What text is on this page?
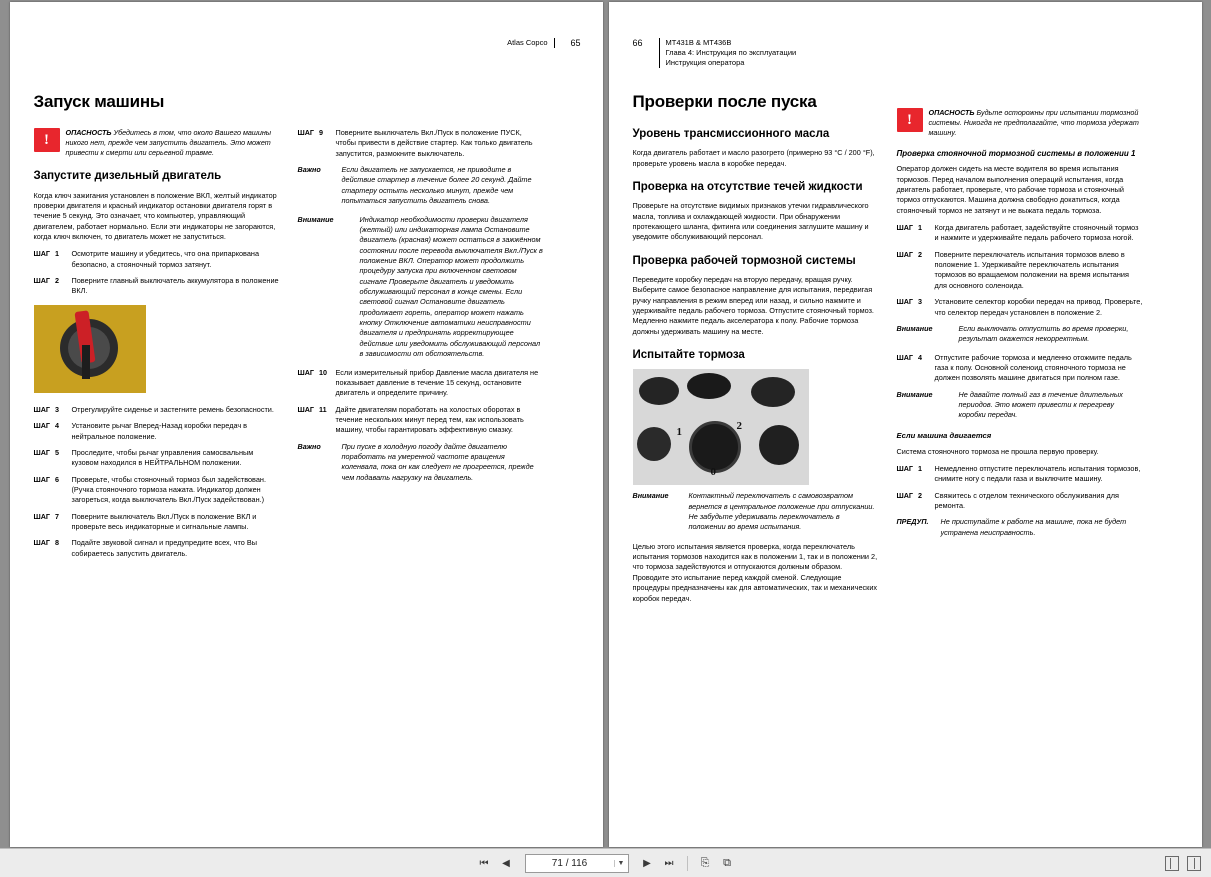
Atlas Copco	65
Запуск машины
!
ОПАСНОСТЬ Убедитесь в том, что около Вашего машины никого нет, прежде чем запустить двигатель. Это может привести к смерти или серьевной травме.
Запустите дизельный двигатель

Когда ключ зажигания установлен в положение ВКЛ, желтый индикатор проверки двигателя и красный индикатор остановки двигателя горят в течение 5 секунд. Это означает, что компьютер, управляющий двигателем, работает нормально. Если эти индикаторы не загораются, когда ключ включен, то двигатель может не запуститься.

ШАГ 1	Осмотрите машину и убедитесь, что она припаркована безопасно, а стояночный тормоз затянут.
ШАГ 2	Поверните главный выключатель аккумулятора в положение ВКЛ.
ШАГ 3	Отрегулируйте сиденье и застегните ремень безопасности.
ШАГ 4	Установите рычаг Вперед-Назад коробки передач в нейтральное положение.
ШАГ 5	Проследите, чтобы рычаг управления самосвальным кузовом находился в НЕЙТРАЛЬНОМ положении.
ШАГ 6	Проверьте, чтобы стояночный тормоз был задействован. (Ручка стояночного тормоза нажата. Индикатор должен загореться, когда выключатель Вкл./Пуск задействован.)
ШАГ 7	Поверните выключатель Вкл./Пуск в положение ВКЛ и проверьте весь индикаторные и сигнальные лампы.
ШАГ 8	Подайте звуковой сигнал и предупредите всех, что Вы собираетесь запустить двигатель.
ШАГ 9	Поверните выключатель Вкл./Пуск в положение ПУСК, чтобы привести в действие стартер. Как только двигатель запустится, размокните выключатель.
Важно	Если двигатель не запускается, не приводите в действие стартер в течение более 20 секунд. Дайте стартеру остыть несколько минут, прежде чем попытаться запустить двигатель снова.
Внимание	Индикатор необходимости проверки двигателя (желтый) или индикаторная лампа Остановите двигатель (красная) может остаться в зажжённом состоянии после перевода выключателя Вкл./Пуск в положение ВКЛ. Оператор может продолжить процедуру запуска при включенном световом сигнале Проверьте двигатель и уведомить обслуживающий персонал в конце смены. Если световой сигнал Остановите двигатель продолжает гореть, оператор может нажать кнопку Отключение автоматики неисправности двигателя и предпринять корректирующее действие или уведомить обслуживающий персонал в зависимости от обстоятельств.
ШАГ 10	Если измерительный прибор Давление масла двигателя не показывает давление в течение 15 секунд, остановите двигатель и определите причину.
ШАГ 11	Дайте двигателям поработать на холостых оборотах в течение нескольких минут перед тем, как использовать машину, чтобы гарантировать эффективную смазку.
Важно	При пуске в холодную погоду дайте двигателю поработать на умеренной частоте вращения коленвала, пока он как следует не прогреется, прежде чем подавать нагрузку на двигатель.
66	MT431B & MT436B
Глава 4: Инструкция по эксплуатации
Инструкция оператора
Проверки после пуска
Уровень трансмиссионного масла

Когда двигатель работает и масло разогрето (примерно 93 °C / 200 °F), проверьте уровень масла в коробке передач.

Проверка на отсутствие течей жидкости

Проверьте на отсутствие видимых признаков утечки гидравлического масла, топлива и охлаждающей жидкости. При обнаружении протекающего шланга, фитинга или соединения заглушите машину и уведомите обслуживающий персонал.

Проверка рабочей тормозной системы

Переведите коробку передач на вторую передачу, вращая ручку. Выберите самое безопасное направление для испытания, передвигая ручку направления в режим вперед или назад, и сильно нажмите и удерживайте педаль рабочего тормоза. Отпустите стояночный тормоз. Медленно нажмите педаль акселератора к полу. Рабочие тормоза должны удерживать машину на месте.

Испытайте тормоза
1	2
0
Внимание	Контактный переключатель с самовозвратом вернется в центральное положение при отпускании. Не забудьте удерживать переключатель в положении во время испытания.

Целью этого испытания является проверка, когда переключатель испытания тормозов находится как в положении 1, так и в положении 2, что тормоза задействуются и отпускаются должным образом. Проводите это испытание перед каждой сменой. Следующие процедуры предназначены как для автоматических, так и механических коробок передач.

!
ОПАСНОСТЬ Будьте осторожны при испытании тормозной системы. Никогда не предполагайте, что тормоза удержат машину.
Проверка стояночной тормозной системы в положении 1

Оператор должен сидеть на месте водителя во время испытания тормозов. Перед началом выполнения операций испытания, когда двигатель работает, проверьте, что рабочие тормоза и стояночный тормоз отпускаются. Машина должна свободно докатиться, когда стояночный тормоз не затянут и не выжата педаль тормоза.

ШАГ 1	Когда двигатель работает, задействуйте стояночный тормоз и нажмите и удерживайте педаль рабочего тормоза ногой.
ШАГ 2	Поверните переключатель испытания тормозов влево в положение 1. Удерживайте переключатель испытания тормозов во вращаемом положении на время испытания для основного соленоида.
ШАГ 3	Установите селектор коробки передач на привод. Проверьте, что селектор передач установлен в положение 2.
Внимание	Если выключать отпустить во время проверки, результат окажется некорректным.
ШАГ 4	Отпустите рабочие тормоза и медленно отожмите педаль газа к полу. Основной соленоид стояночного тормоза не должен позволять машине двигаться при полном газе.
Внимание	Не давайте полный газ в течение длительных периодов. Это может привести к перегреву коробки передач.
Если машина двигается

Система стояночного тормоза не прошла первую проверку.

ШАГ 1	Немедленно отпустите переключатель испытания тормозов, снимите ногу с педали газа и выключите машину.
ШАГ 2	Свяжитесь с отделом технического обслуживания для ремонта.
ПРЕДУП.	Не приступайте к работе на машине, пока не будет устранена неисправность.
⏮	◀	71 / 116	▼	▶	⏭ ⎘ ⧉
